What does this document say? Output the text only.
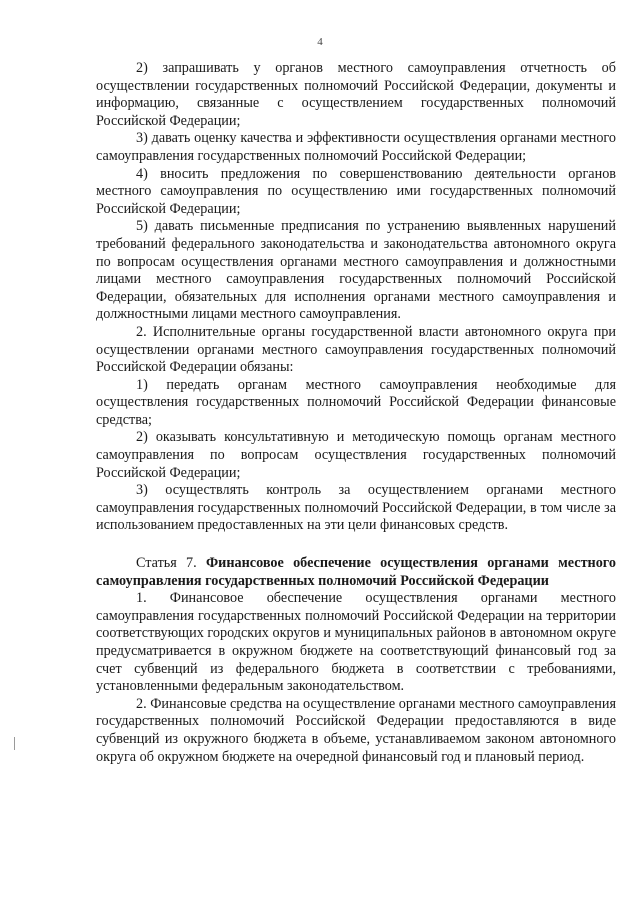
4

2) запрашивать у органов местного самоуправления отчетность об осуществлении государственных полномочий Российской Федерации, документы и информацию, связанные с осуществлением государственных полномочий Российской Федерации;

3) давать оценку качества и эффективности осуществления органами местного самоуправления государственных полномочий Российской Федерации;

4) вносить предложения по совершенствованию деятельности органов местного самоуправления по осуществлению ими государственных полномочий Российской Федерации;

5) давать письменные предписания по устранению выявленных нарушений требований федерального законодательства и законодательства автономного округа по вопросам осуществления органами местного самоуправления и должностными лицами местного самоуправления государственных полномочий Российской Федерации, обязательных для исполнения органами местного самоуправления и должностными лицами местного самоуправления.

2. Исполнительные органы государственной власти автономного округа при осуществлении органами местного самоуправления государственных полномочий Российской Федерации обязаны:

1) передать органам местного самоуправления необходимые для осуществления государственных полномочий Российской Федерации финансовые средства;

2) оказывать консультативную и методическую помощь органам местного самоуправления по вопросам осуществления государственных полномочий Российской Федерации;

3) осуществлять контроль за осуществлением органами местного самоуправления государственных полномочий Российской Федерации, в том числе за использованием предоставленных на эти цели финансовых средств.

Статья 7. Финансовое обеспечение осуществления органами местного самоуправления государственных полномочий Российской Федерации

1. Финансовое обеспечение осуществления органами местного самоуправления государственных полномочий Российской Федерации на территории соответствующих городских округов и муниципальных районов в автономном округе предусматривается в окружном бюджете на соответствующий финансовый год за счет субвенций из федерального бюджета в соответствии с требованиями, установленными федеральным законодательством.

2. Финансовые средства на осуществление органами местного самоуправления государственных полномочий Российской Федерации предоставляются в виде субвенций из окружного бюджета в объеме, устанавливаемом законом автономного округа об окружном бюджете на очередной финансовый год и плановый период.
